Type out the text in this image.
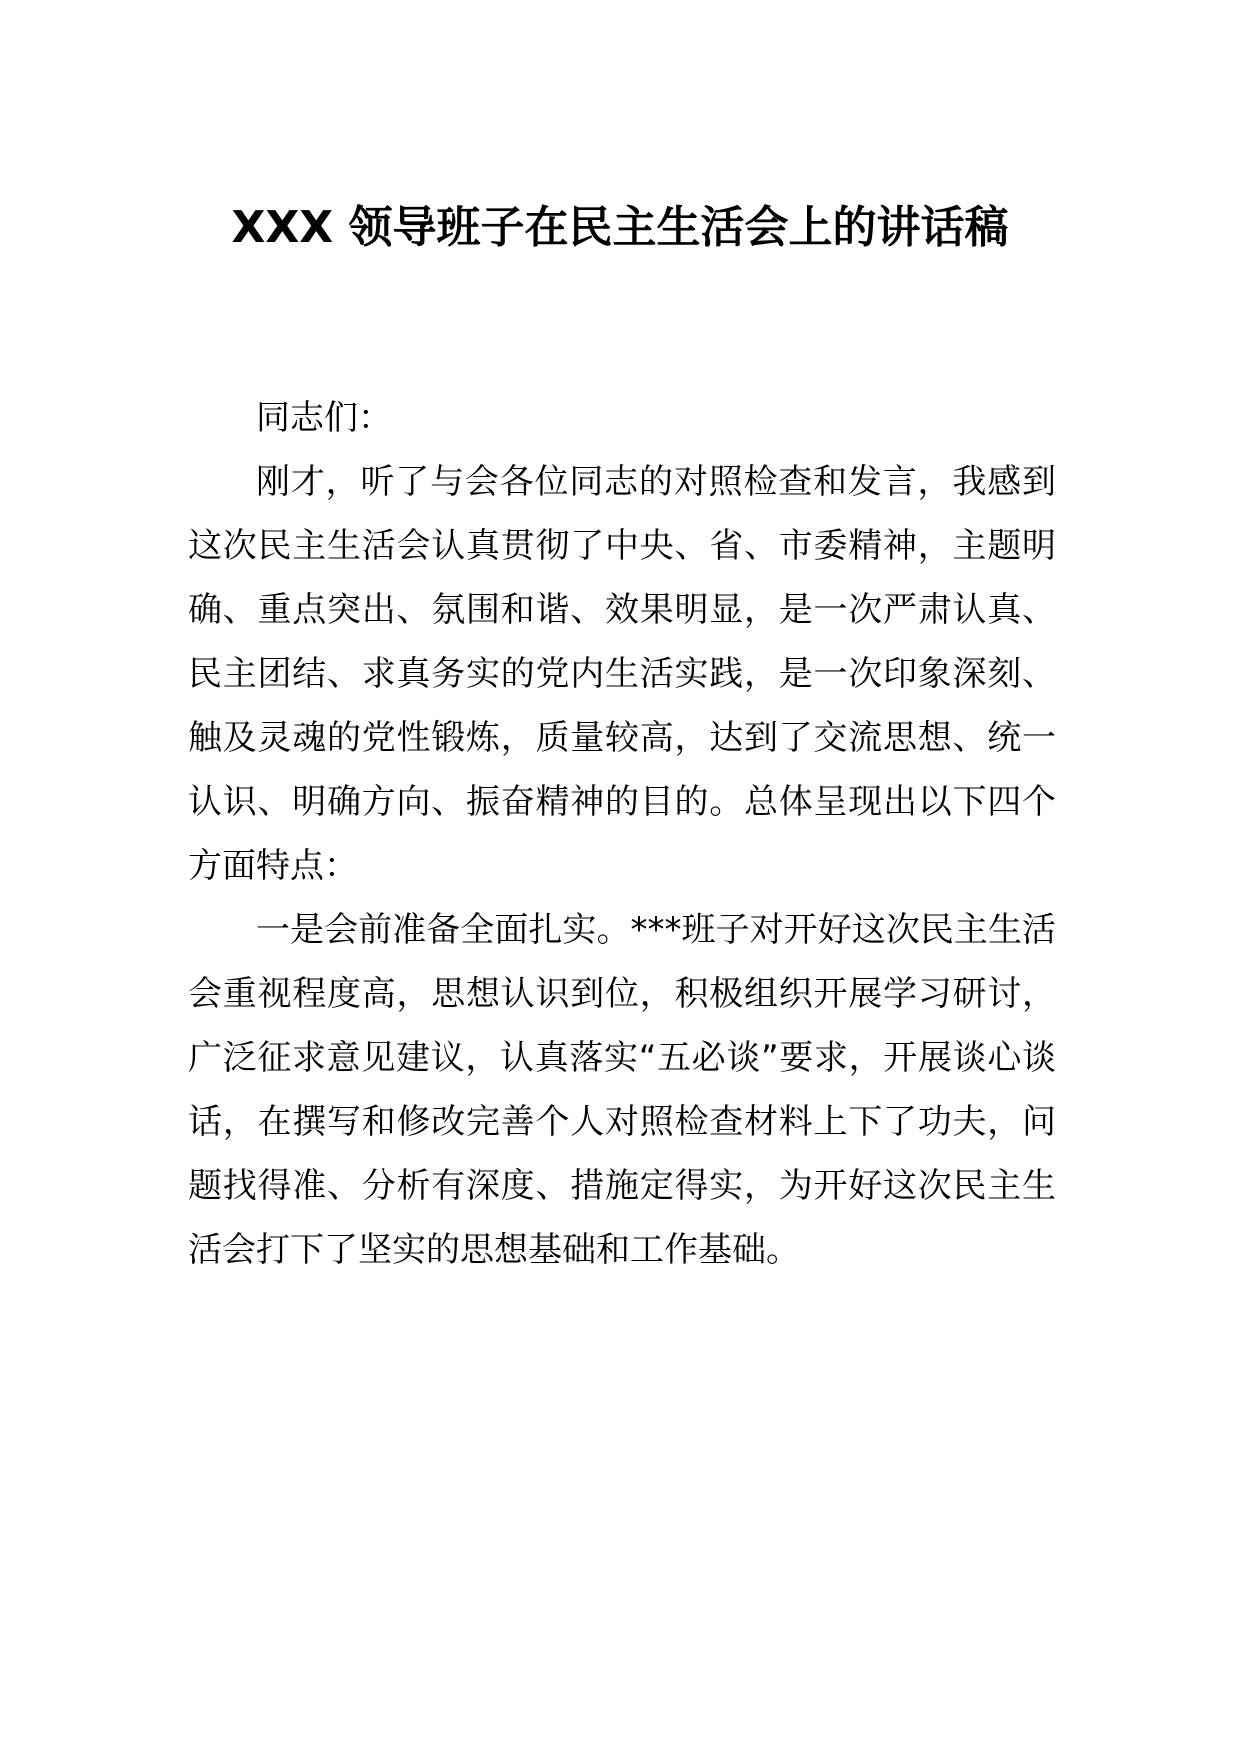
XXX 领导班子在民主生活会上的讲话稿

同志们：

刚才，听了与会各位同志的对照检查和发言，我感到这次民主生活会认真贯彻了中央、省、市委精神，主题明确、重点突出、氛围和谐、效果明显，是一次严肃认真、民主团结、求真务实的党内生活实践，是一次印象深刻、触及灵魂的党性锻炼，质量较高，达到了交流思想、统一认识、明确方向、振奋精神的目的。总体呈现出以下四个方面特点：

一是会前准备全面扎实。***班子对开好这次民主生活会重视程度高，思想认识到位，积极组织开展学习研讨，广泛征求意见建议，认真落实“五必谈”要求，开展谈心谈话，在撰写和修改完善个人对照检查材料上下了功夫，问题找得准、分析有深度、措施定得实，为开好这次民主生活会打下了坚实的思想基础和工作基础。
